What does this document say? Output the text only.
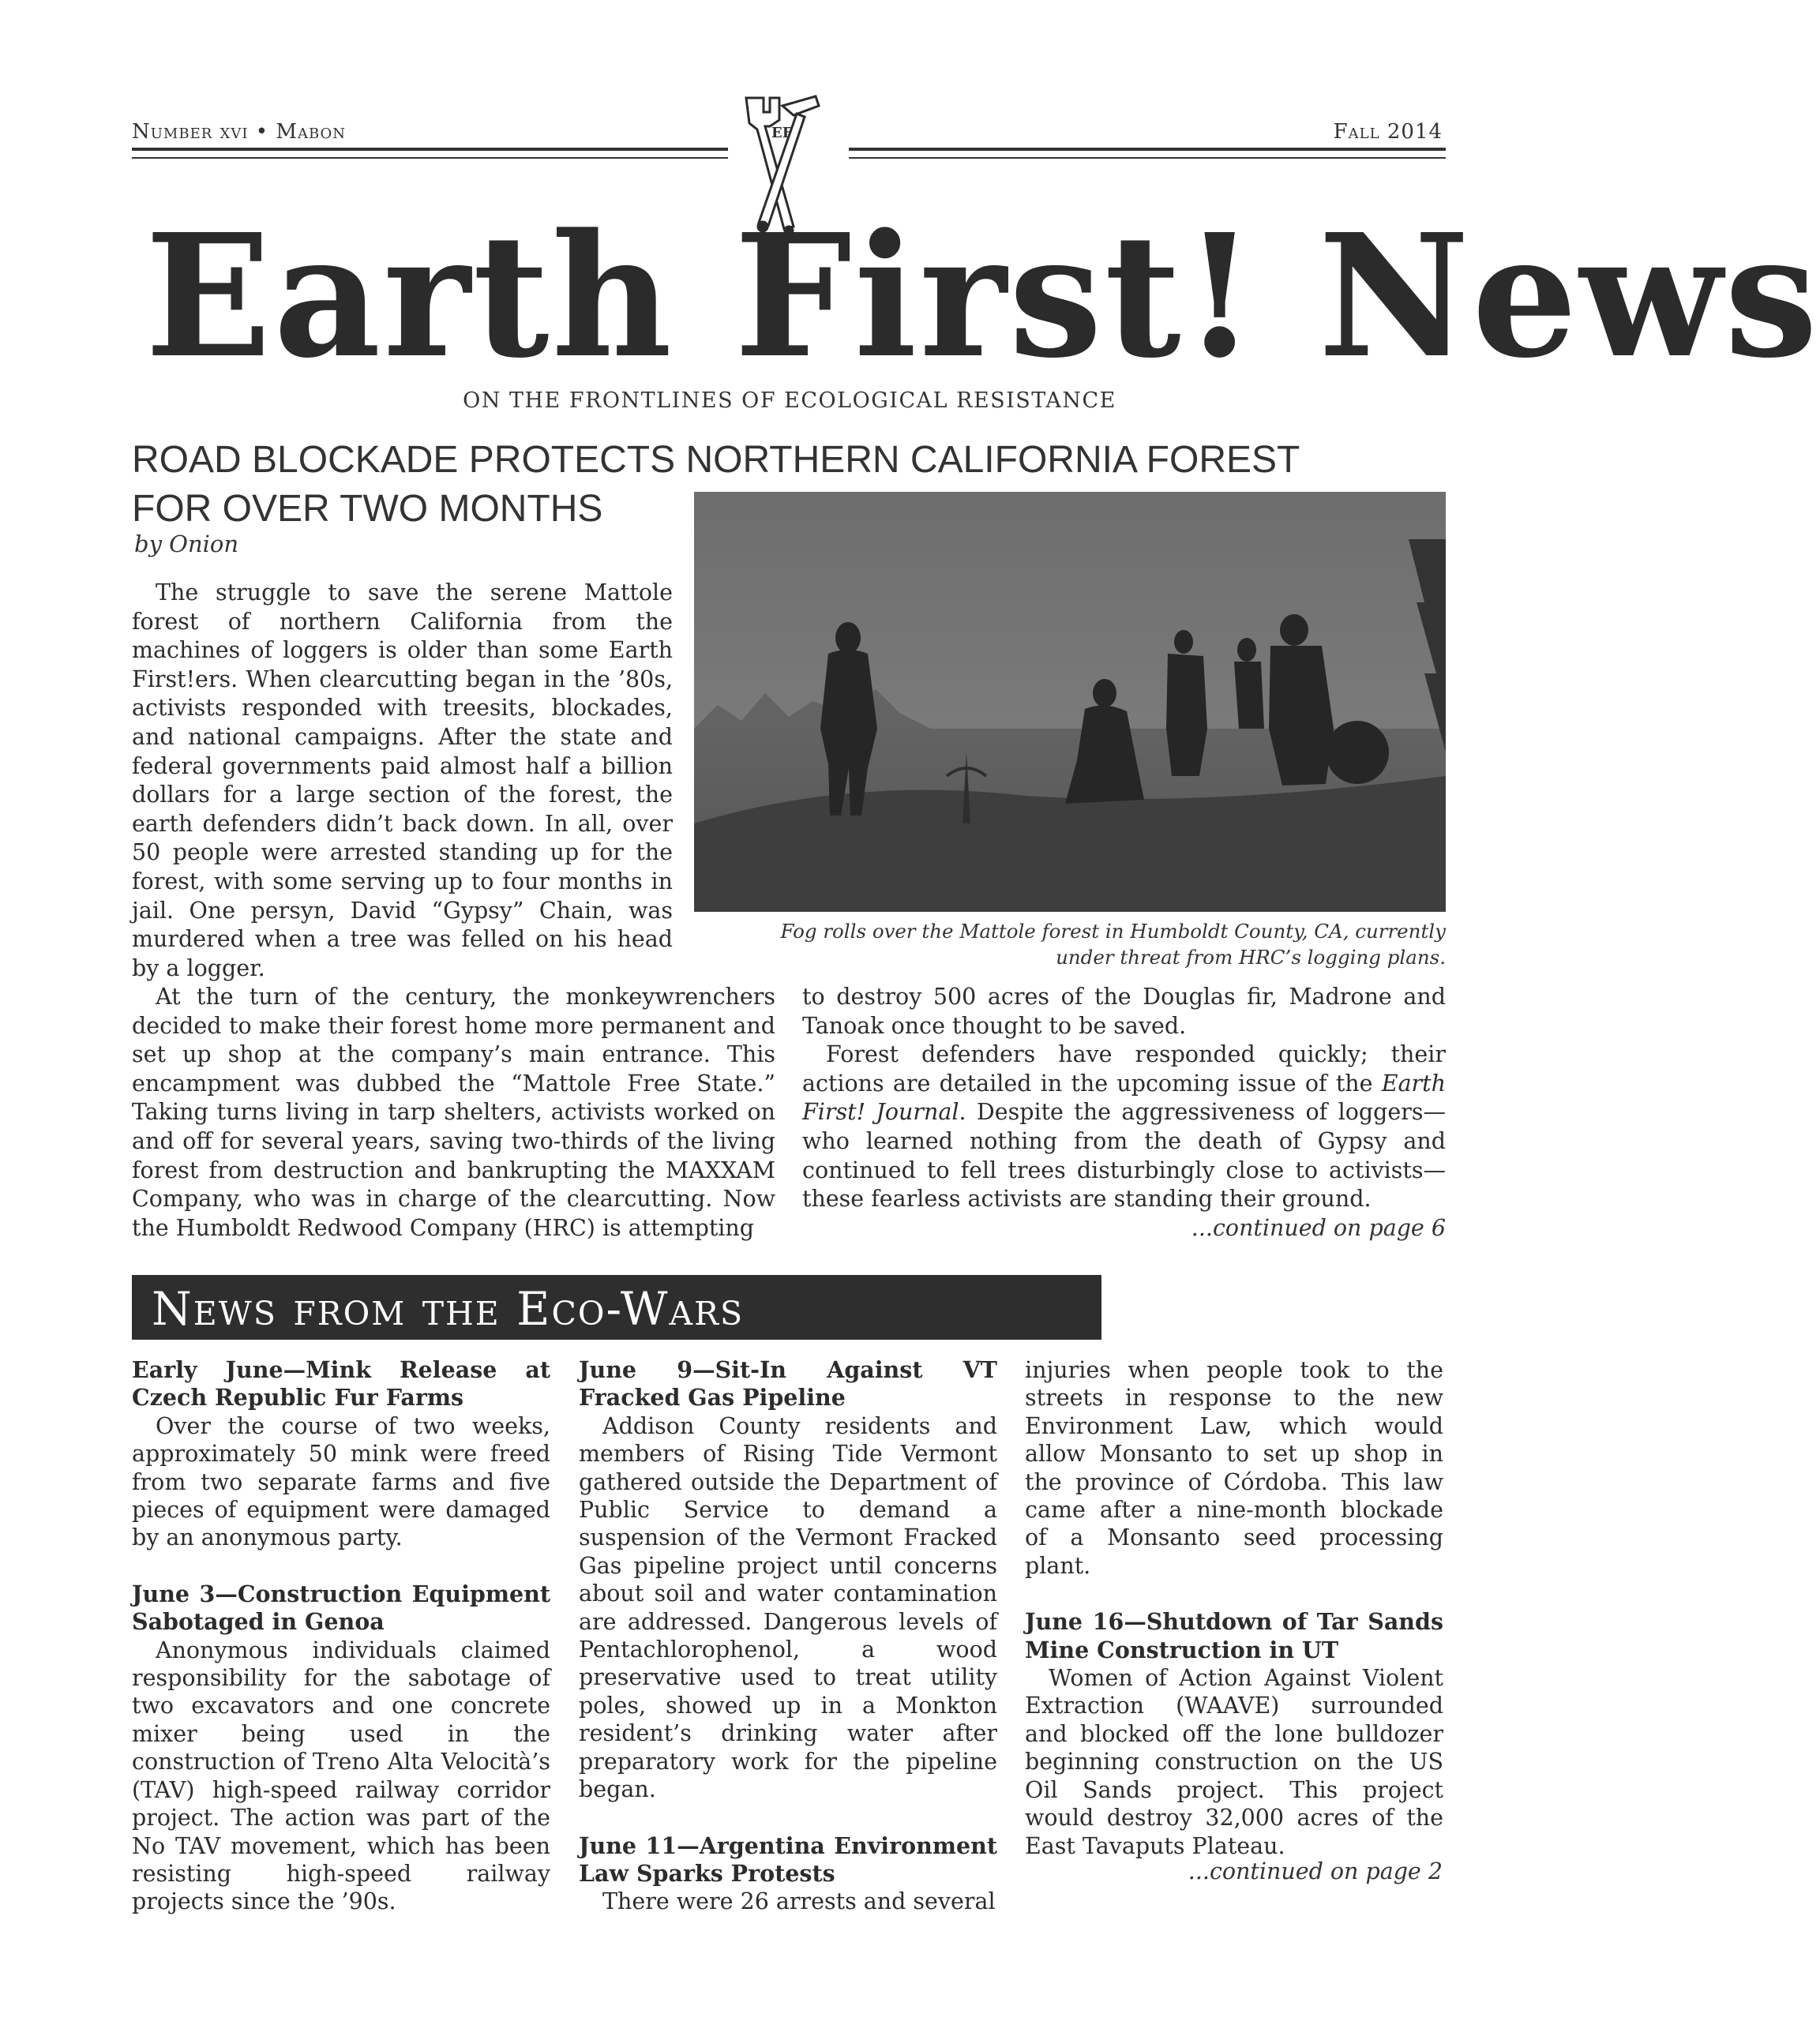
Number xvi • Mabon	Fall 2014
EF
Earth First! News
ON THE FRONTLINES OF ECOLOGICAL RESISTANCE
ROAD BLOCKADE PROTECTS NORTHERN CALIFORNIA FOREST
FOR OVER TWO MONTHS
by Onion
Fog rolls over the Mattole forest in Humboldt County, CA, currently
under threat from HRC’s logging plans.

The struggle to save the serene Mattole forest of northern California from the machines of loggers is older than some Earth First!ers. When clearcutting began in the ’80s, activists responded with treesits, blockades, and national campaigns. After the state and federal governments paid almost half a billion dollars for a large section of the forest, the earth defenders didn’t back down. In all, over 50 people were arrested standing up for the forest, with some serving up to four months in jail. One persyn, David “Gypsy” Chain, was murdered when a tree was felled on his head by a logger.

At the turn of the century, the monkeywrenchers decided to make their forest home more permanent and set up shop at the company’s main entrance. This encampment was dubbed the “Mattole Free State.” Taking turns living in tarp shelters, activists worked on and off for several years, saving two-thirds of the living forest from destruction and bankrupting the MAXXAM Company, who was in charge of the clearcutting. Now the Humboldt Redwood Company (HRC) is attempting

to destroy 500 acres of the Douglas fir, Madrone and Tanoak once thought to be saved.

Forest defenders have responded quickly; their actions are detailed in the upcoming issue of the Earth First! Journal. Despite the aggressiveness of loggers—who learned nothing from the death of Gypsy and continued to fell trees disturbingly close to activists—these fearless activists are standing their ground.

...continued on page 6
News from the Eco-Wars
Early June—Mink Release at Czech Republic Fur Farms

Over the course of two weeks, approximately 50 mink were freed from two separate farms and five pieces of equipment were damaged by an anonymous party.

June 3—Construction Equipment Sabotaged in Genoa

Anonymous individuals claimed responsibility for the sabotage of two excavators and one concrete mixer being used in the construction of Treno Alta Velocità’s (TAV) high-speed railway corridor project. The action was part of the No TAV movement, which has been resisting high-speed railway projects since the ’90s.

June 9—Sit-In Against VT Fracked Gas Pipeline

Addison County residents and members of Rising Tide Vermont gathered outside the Department of Public Service to demand a suspension of the Vermont Fracked Gas pipeline project until concerns about soil and water contamination are addressed. Dangerous levels of Pentachlorophenol, a wood preservative used to treat utility poles, showed up in a Monkton resident’s drinking water after preparatory work for the pipeline began.

June 11—Argentina Environment Law Sparks Protests

There were 26 arrests and several

injuries when people took to the streets in response to the new Environment Law, which would allow Monsanto to set up shop in the province of Córdoba. This law came after a nine-month blockade of a Monsanto seed processing plant.

June 16—Shutdown of Tar Sands Mine Construction in UT

Women of Action Against Violent Extraction (WAAVE) surrounded and blocked off the lone bulldozer beginning construction on the US Oil Sands project. This project would destroy 32,000 acres of the East Tavaputs Plateau.

...continued on page 2
